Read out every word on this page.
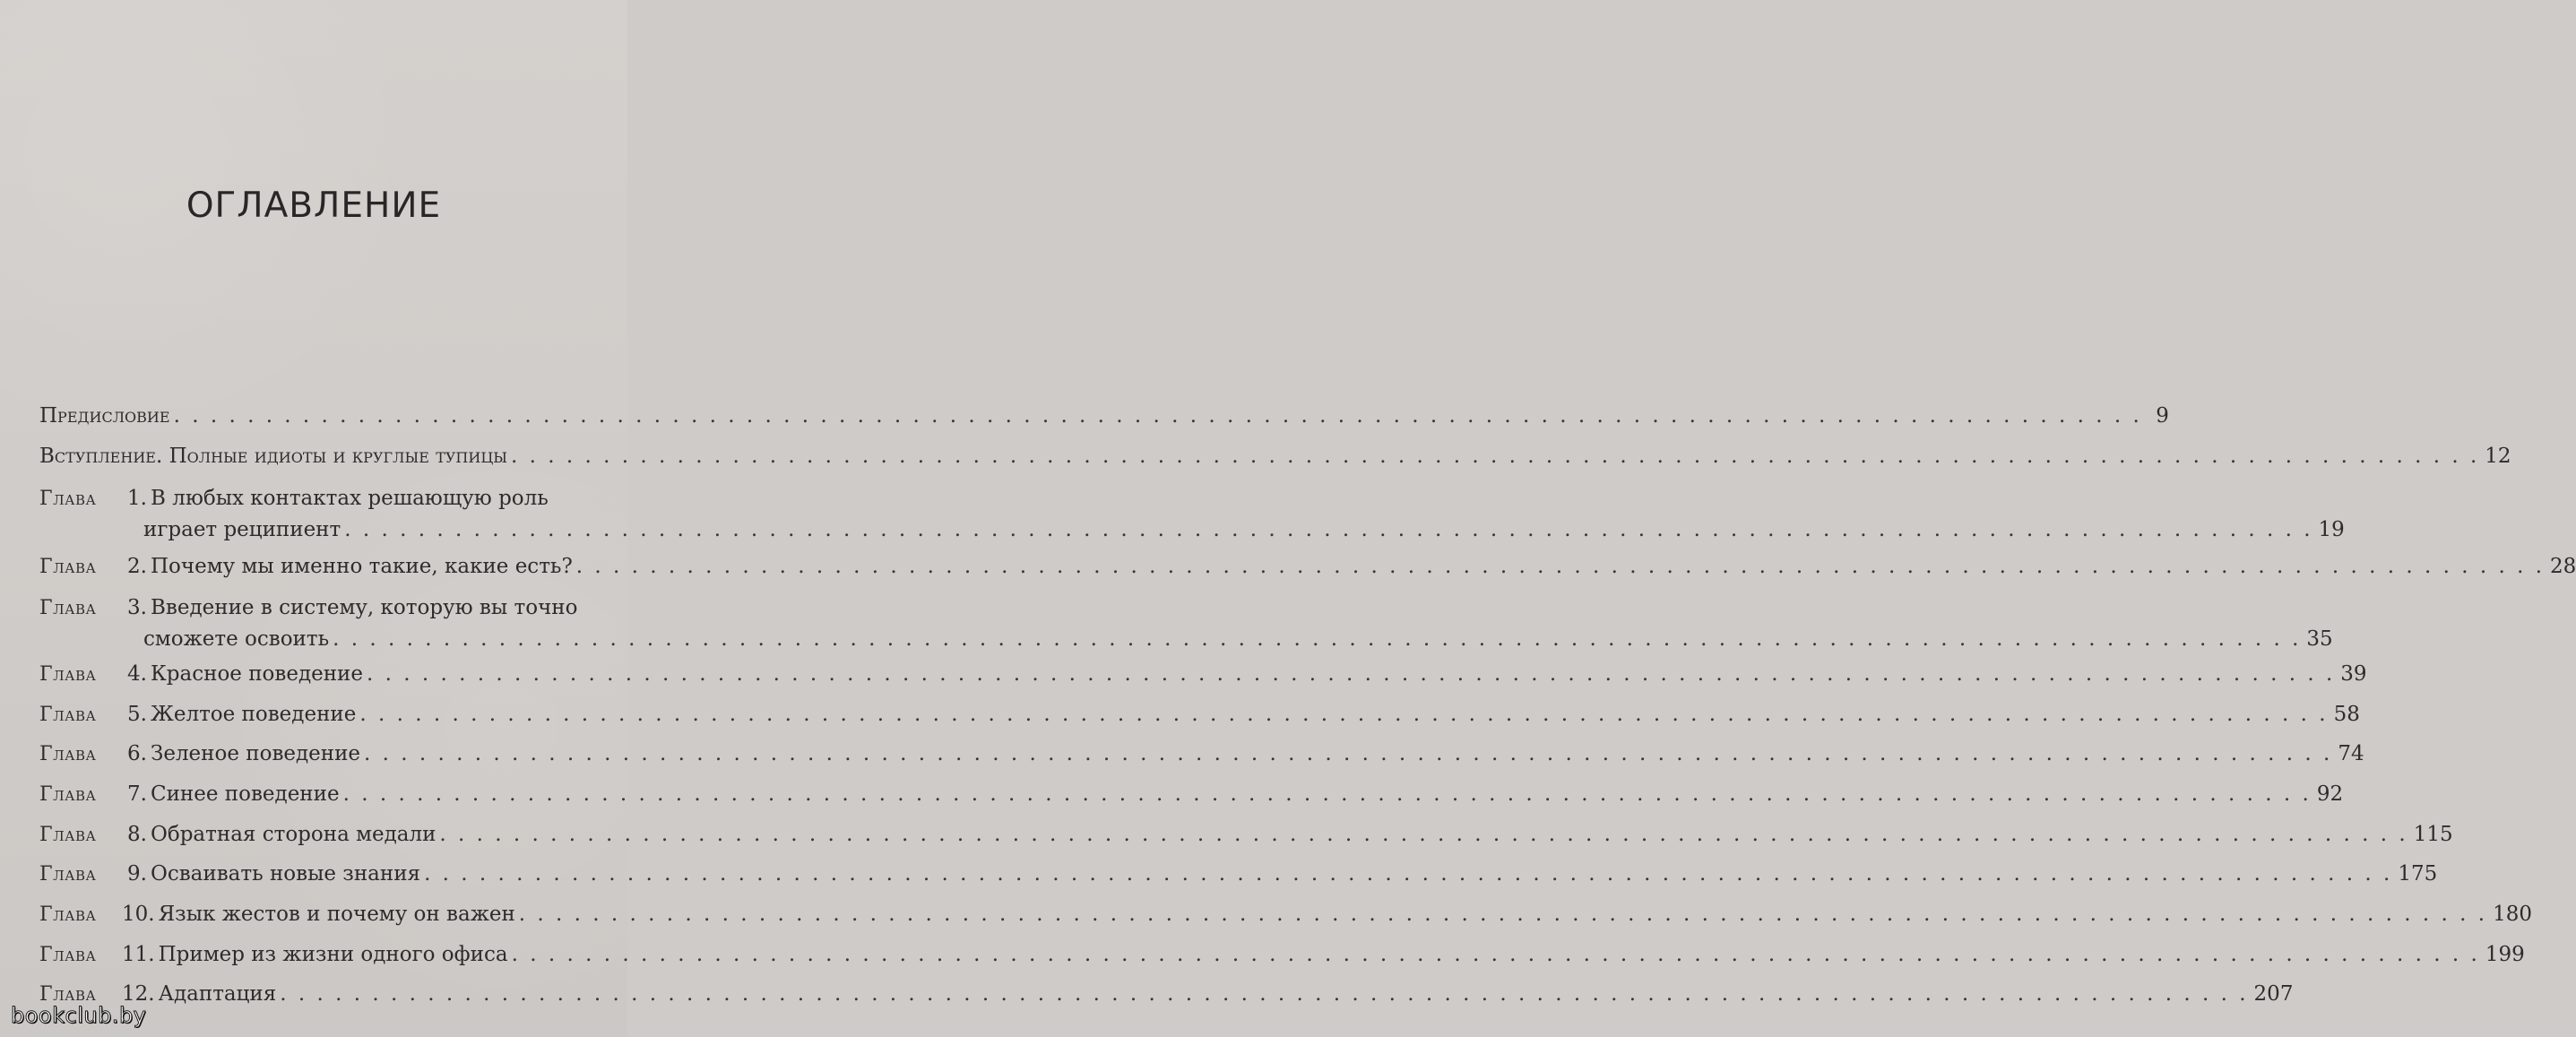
ОГЛАВЛЕНИЕ
Предисловие . . .	9
Вступление. Полные идиоты и круглые тупицы . . .	12
Глава	1. В любых контактах решающую роль
играет реципиент . . .	19
Глава	2. Почему мы именно такие, какие есть? . . .	28
Глава	3. Введение в систему, которую вы точно
сможете освоить . . .	35
Глава	4. Красное поведение . . .	39
Глава	5. Желтое поведение . . .	58
Глава	6. Зеленое поведение . . .	74
Глава	7. Синее поведение . . .	92
Глава	8. Обратная сторона медали . . .	115
Глава	9. Осваивать новые знания . . .	175
Глава	10. Язык жестов и почему он важен . . .	180
Глава	11. Пример из жизни одного офиса . . .	199
Глава	12. Адаптация . . .	207
bookclub.by
